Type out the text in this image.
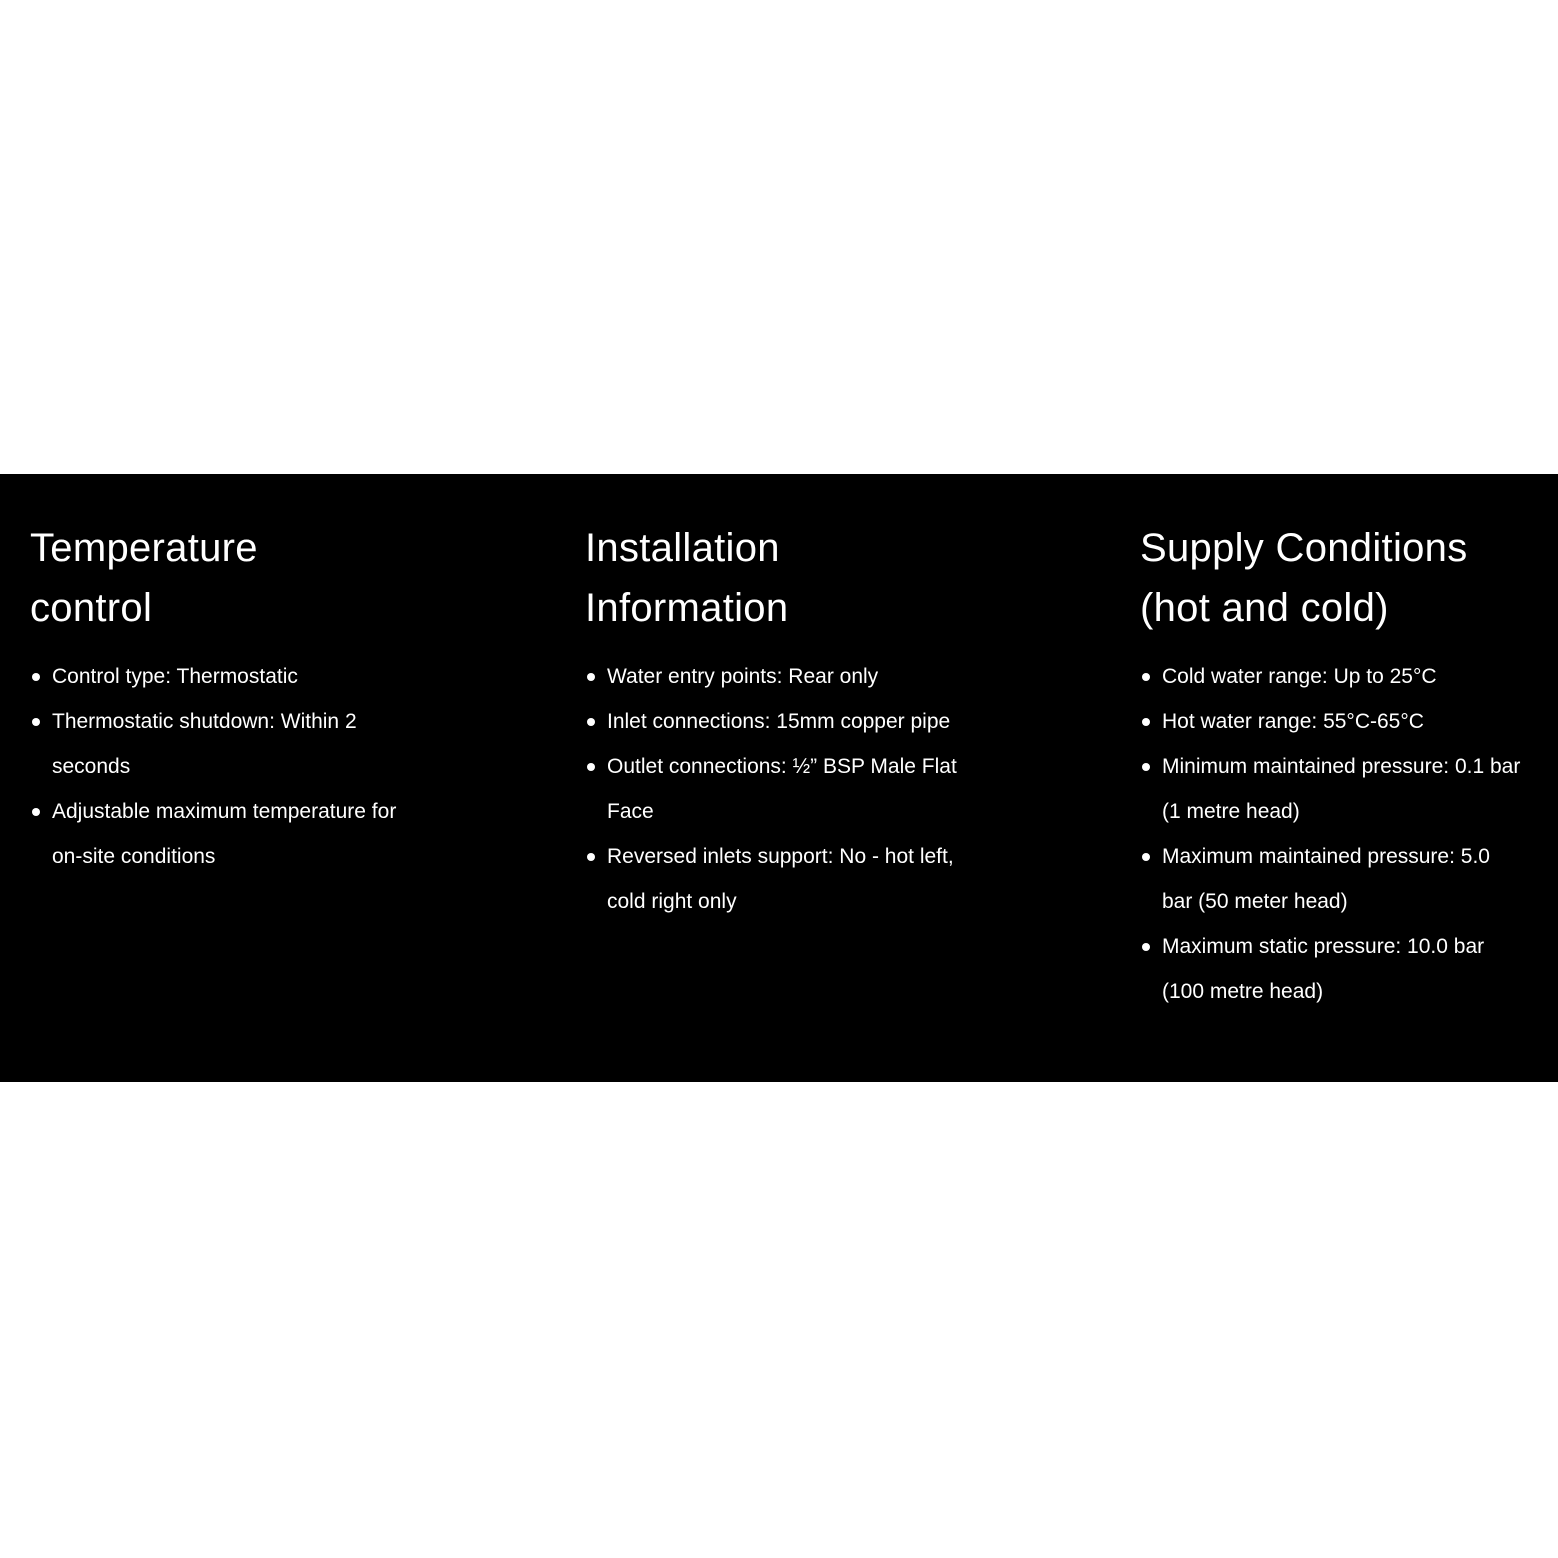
Temperature
control
Control type: Thermostatic
Thermostatic shutdown: Within 2 seconds
Adjustable maximum temperature for on-site conditions
Installation
Information
Water entry points: Rear only
Inlet connections: 15mm copper pipe
Outlet connections: ½” BSP Male Flat Face
Reversed inlets support: No - hot left, cold right only
Supply Conditions
(hot and cold)
Cold water range: Up to 25°C
Hot water range: 55°C-65°C
Minimum maintained pressure: 0.1 bar (1 metre head)
Maximum maintained pressure: 5.0 bar (50 meter head)
Maximum static pressure: 10.0 bar (100 metre head)
